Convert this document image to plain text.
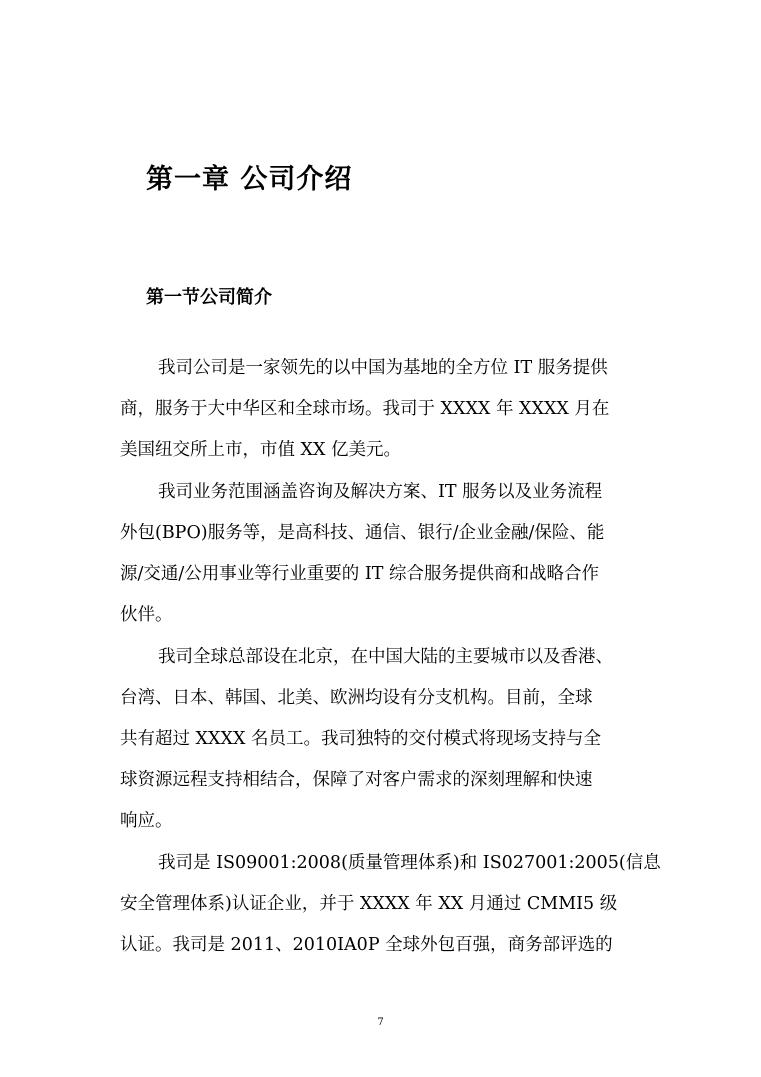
第一章 公司介绍
第一节公司简介
我司公司是一家领先的以中国为基地的全方位 IT 服务提供
商，服务于大中华区和全球市场。我司于 XXXX 年 XXXX 月在
美国纽交所上市，市值 XX 亿美元。
我司业务范围涵盖咨询及解决方案、IT 服务以及业务流程
外包(BPO)服务等，是高科技、通信、银行/企业金融/保险、能
源/交通/公用事业等行业重要的 IT 综合服务提供商和战略合作
伙伴。
我司全球总部设在北京，在中国大陆的主要城市以及香港、
台湾、日本、韩国、北美、欧洲均设有分支机构。目前，全球
共有超过 XXXX 名员工。我司独特的交付模式将现场支持与全
球资源远程支持相结合，保障了对客户需求的深刻理解和快速
响应。
我司是 IS09001:2008(质量管理体系)和 IS027001:2005(信息
安全管理体系)认证企业，并于 XXXX 年 XX 月通过 CMMI5 级
认证。我司是 2011、2010IA0P 全球外包百强，商务部评选的
7
